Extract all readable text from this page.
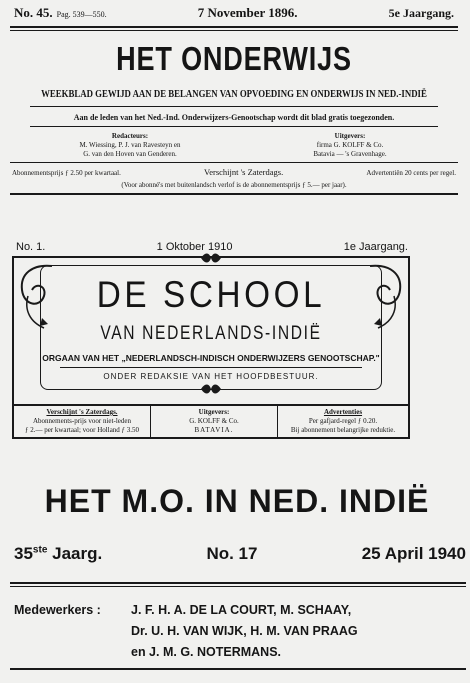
No. 45. Pag. 539—550.	7 November 1896.	5e Jaargang.
HET ONDERWIJS
WEEKBLAD GEWIJD AAN DE BELANGEN VAN OPVOEDING EN ONDERWIJS IN NED.-INDIË
Aan de leden van het Ned.-Ind. Onderwijzers-Genootschap wordt dit blad gratis toegezonden.
Redacteurs:
M. Wiessing, P. J. van Ravesteyn en
G. van den Hoven van Genderen.
Uitgevers:
firma G. KOLFF & Co.
Batavia — 's Gravenhage.
Abonnementsprijs ƒ 2.50 per kwartaal.	Verschijnt 's Zaterdags.	Advertentiën 20 cents per regel.
(Voor abonné's met buitenlandsch verlof is de abonnementsprijs ƒ 5.— per jaar).
No. 1.	1 Oktober 1910	1e Jaargang.
DE SCHOOL
VAN NEDERLANDS-INDIË
ORGAAN VAN HET „NEDERLANDSCH-INDISCH ONDERWIJZERS GENOOTSCHAP."
ONDER REDAKSIE VAN HET HOOFDBESTUUR.
Verschijnt 's Zaterdags.
Abonnements-prijs voor niet-leden
ƒ 2.— per kwartaal; voor Holland ƒ 3.50
Uitgevers:
G. KOLFF & Co.
BATAVIA.
Advertenties
Per gafjard-regel ƒ 0.20.
Bij abonnement belangrijke reduktie.
HET M.O. IN NED. INDIË
35ste Jaarg.	No. 17	25 April 1940
Medewerkers : J. F. H. A. DE LA COURT, M. SCHAAY,
Dr. U. H. VAN WIJK, H. M. VAN PRAAG
en J. M. G. NOTERMANS.
